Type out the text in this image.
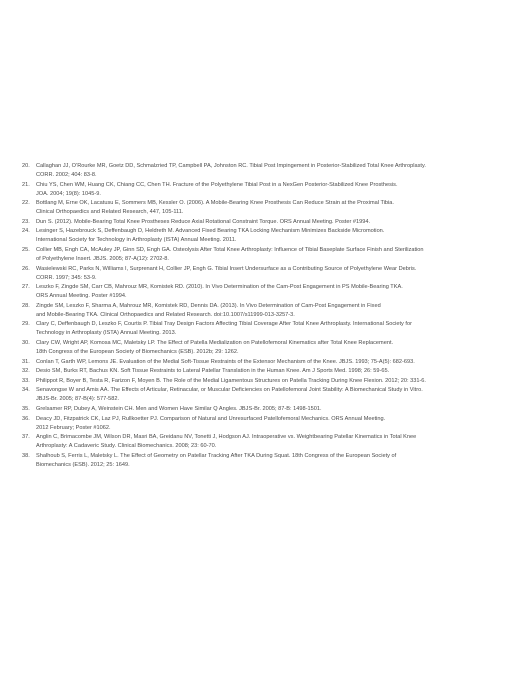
20.	Callaghan JJ, O’Rourke MR, Goetz DD, Schmalzried TP, Campbell PA, Johnston RC. Tibial Post Impingement in Posterior-Stabilized Total Knee Arthroplasty.
CORR. 2002; 404: 83-8.
21.	Chiu YS, Chen WM, Huang CK, Chiang CC, Chen TH. Fracture of the Polyethylene Tibial Post in a NexGen Posterior-Stabilized Knee Prosthesis.
JOA. 2004; 19(8): 1045-9.
22.	Bottlang M, Erne OK, Lacatusu E, Sommers MB, Kessler O. (2006). A Mobile-Bearing Knee Prosthesis Can Reduce Strain at the Proximal Tibia.
Clinical Orthopaedics and Related Research, 447, 105-111.
23.	Dun S. (2012). Mobile-Bearing Total Knee Prostheses Reduce Axial Rotational Constraint Torque. ORS Annual Meeting. Poster #1994.
24.	Lesinger S, Hazebrouck S, Deffenbaugh D, Heldreth M. Advanced Fixed Bearing TKA Locking Mechanism Minimizes Backside Micromotion.
International Society for Technology in Arthroplasty (ISTA) Annual Meeting. 2011.
25.	Collier MB, Engh CA, McAuley JP, Ginn SD, Engh GA. Osteolysis After Total Knee Arthroplasty: Influence of Tibial Baseplate Surface Finish and Sterilization
of Polyethylene Insert. JBJS. 2005; 87-A(12): 2702-8.
26.	Wasielewski RC, Parks N, Williams I, Surprenant H, Collier JP, Engh G. Tibial Insert Undersurface as a Contributing Source of Polyethylene Wear Debris.
CORR. 1997; 345: 53-9.
27.	Leszko F, Zingde SM, Carr CB, Mahrouz MR, Komistek RD. (2010). In Vivo Determination of the Cam-Post Engagement in PS Mobile-Bearing TKA.
ORS Annual Meeting. Poster #1994.
28.	Zingde SM, Leszko F, Sharma A, Mahrouz MR, Komistek RD, Dennis DA. (2013). In Vivo Determination of Cam-Post Engagement in Fixed
and Mobile-Bearing TKA. Clinical Orthopaedics and Related Research. doi:10.1007/s11999-013-3257-3.
29.	Clary C, Deffenbaugh D, Leszko F, Courtis P. Tibial Tray Design Factors Affecting Tibial Coverage After Total Knee Arthroplasty. International Society for
Technology in Arthroplasty (ISTA) Annual Meeting. 2013.
30.	Clary CW, Wright AP, Komosa MC, Maletsky LP. The Effect of Patella Medialization on Patellofemoral Kinematics after Total Knee Replacement.
18th Congress of the European Society of Biomechanics (ESB). 2012b; 29: 1262.
31.	Conlan T, Garth WP, Lemons JE. Evaluation of the Medial Soft-Tissue Restraints of the Extensor Mechanism of the Knee. JBJS. 1993; 75-A(5): 682-693.
32.	Desio SM, Burks RT, Bachus KN. Soft Tissue Restraints to Lateral Patellar Translation in the Human Knee. Am J Sports Med. 1998; 26: 59-65.
33.	Philippot R, Boyer B, Testa R, Farizon F, Moyen B. The Role of the Medial Ligamentous Structures on Patella Tracking During Knee Flexion. 2012; 20: 331-6.
34.	Senavongse W and Amis AA. The Effects of Articular, Retinacular, or Muscular Deficiencies on Patellofemoral Joint Stability: A Biomechanical Study in Vitro.
JBJS-Br. 2005; 87-B(4): 577-582.
35.	Grelsamer RP, Dubey A, Weinstein CH. Men and Women Have Similar Q Angles. JBJS-Br. 2005; 87-B: 1498-1501.
36.	Deacy JD, Fitzpatrick CK, Laz PJ, Rullkoetter PJ. Comparison of Natural and Unresurfaced Patellofemoral Mechanics. ORS Annual Meeting.
2012 February; Poster #1062.
37.	Anglin C, Brimacombe JM, Wilson DR, Masri BA, Greidanu NV, Tonetti J, Hodgson AJ. Intraoperative vs. Weightbearing Patellar Kinematics in Total Knee
Arthroplasty: A Cadaveric Study. Clinical Biomechanics. 2008; 23: 60-70.
38.	Shalhoub S, Ferris L, Maletsky L. The Effect of Geometry on Patellar Tracking After TKA During Squat. 18th Congress of the European Society of
Biomechanics (ESB). 2012; 25: 1649.
